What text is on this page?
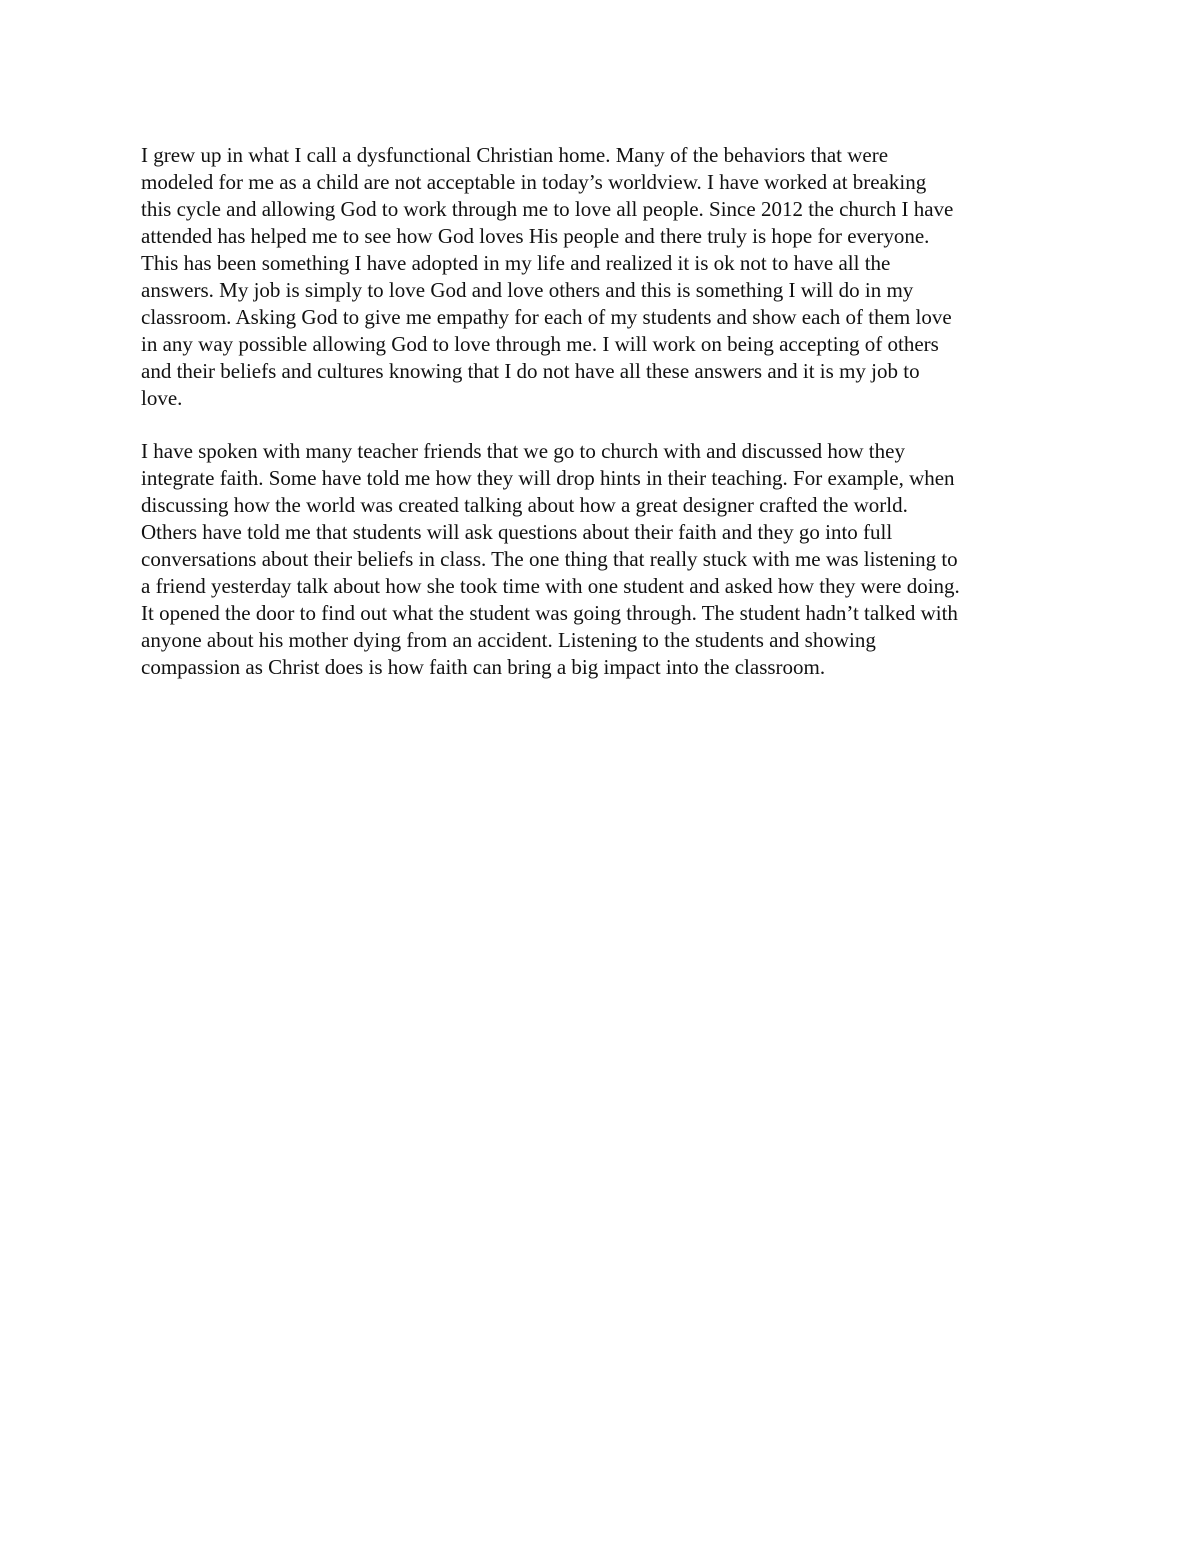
I grew up in what I call a dysfunctional Christian home. Many of the behaviors that were
modeled for me as a child are not acceptable in today’s worldview. I have worked at breaking
this cycle and allowing God to work through me to love all people. Since 2012 the church I have
attended has helped me to see how God loves His people and there truly is hope for everyone.
This has been something I have adopted in my life and realized it is ok not to have all the
answers. My job is simply to love God and love others and this is something I will do in my
classroom. Asking God to give me empathy for each of my students and show each of them love
in any way possible allowing God to love through me. I will work on being accepting of others
and their beliefs and cultures knowing that I do not have all these answers and it is my job to
love.

I have spoken with many teacher friends that we go to church with and discussed how they
integrate faith. Some have told me how they will drop hints in their teaching. For example, when
discussing how the world was created talking about how a great designer crafted the world.
Others have told me that students will ask questions about their faith and they go into full
conversations about their beliefs in class. The one thing that really stuck with me was listening to
a friend yesterday talk about how she took time with one student and asked how they were doing.
It opened the door to find out what the student was going through. The student hadn’t talked with
anyone about his mother dying from an accident. Listening to the students and showing
compassion as Christ does is how faith can bring a big impact into the classroom.
